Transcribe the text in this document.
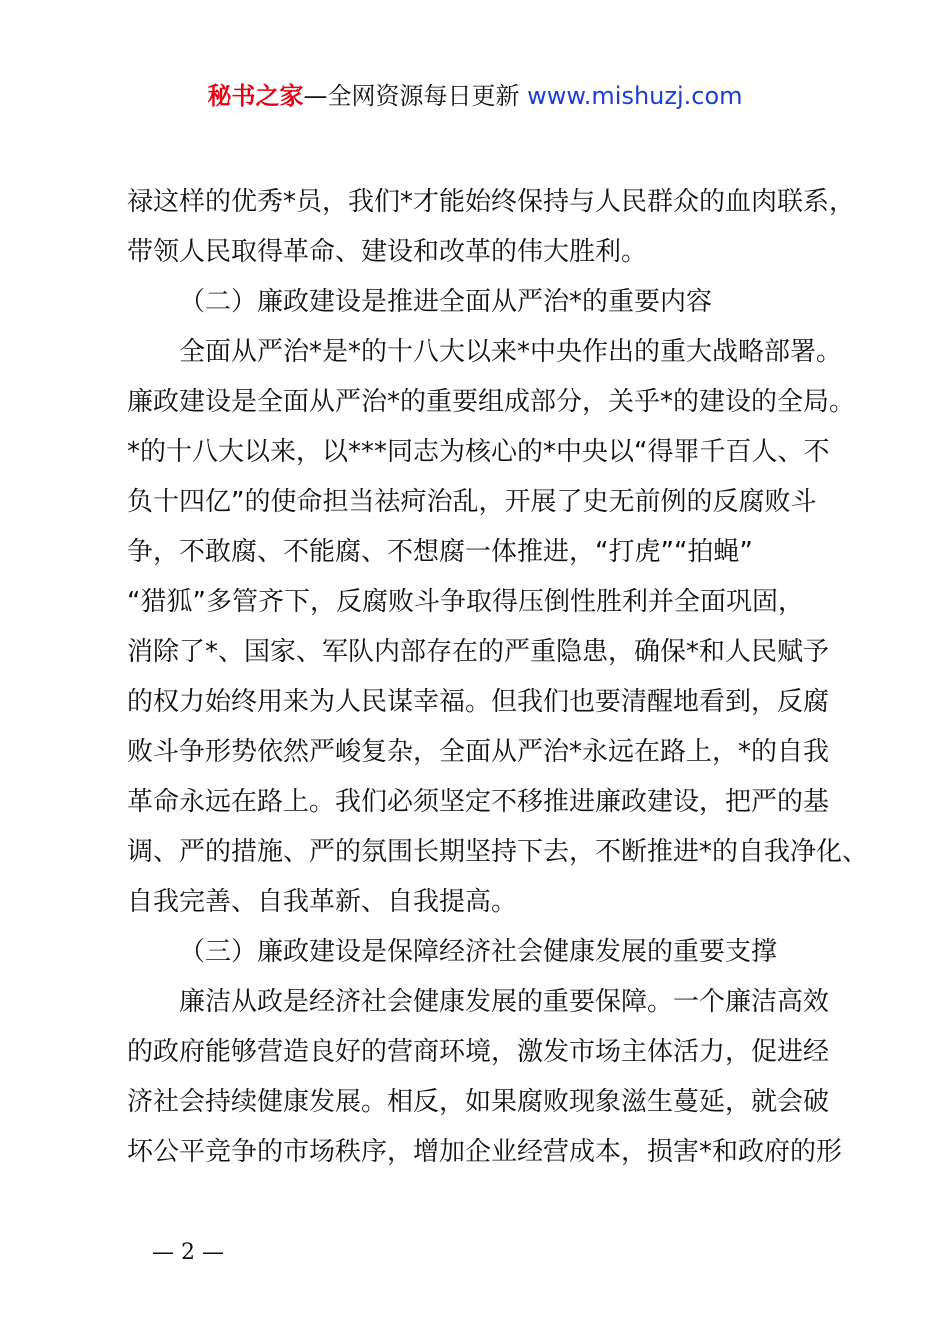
秘书之家—全网资源每日更新 www.mishuzj.com
禄这样的优秀*员，我们*才能始终保持与人民群众的血肉联系，
带领人民取得革命、建设和改革的伟大胜利。
（二）廉政建设是推进全面从严治*的重要内容
全面从严治*是*的十八大以来*中央作出的重大战略部署。
廉政建设是全面从严治*的重要组成部分，关乎*的建设的全局。
*的十八大以来，以***同志为核心的*中央以“得罪千百人、不
负十四亿”的使命担当祛疴治乱，开展了史无前例的反腐败斗
争，不敢腐、不能腐、不想腐一体推进，“打虎”“拍蝇”
“猎狐”多管齐下，反腐败斗争取得压倒性胜利并全面巩固，
消除了*、国家、军队内部存在的严重隐患，确保*和人民赋予
的权力始终用来为人民谋幸福。但我们也要清醒地看到，反腐
败斗争形势依然严峻复杂，全面从严治*永远在路上，*的自我
革命永远在路上。我们必须坚定不移推进廉政建设，把严的基
调、严的措施、严的氛围长期坚持下去，不断推进*的自我净化、
自我完善、自我革新、自我提高。
（三）廉政建设是保障经济社会健康发展的重要支撑
廉洁从政是经济社会健康发展的重要保障。一个廉洁高效
的政府能够营造良好的营商环境，激发市场主体活力，促进经
济社会持续健康发展。相反，如果腐败现象滋生蔓延，就会破
坏公平竞争的市场秩序，增加企业经营成本，损害*和政府的形
— 2 —
